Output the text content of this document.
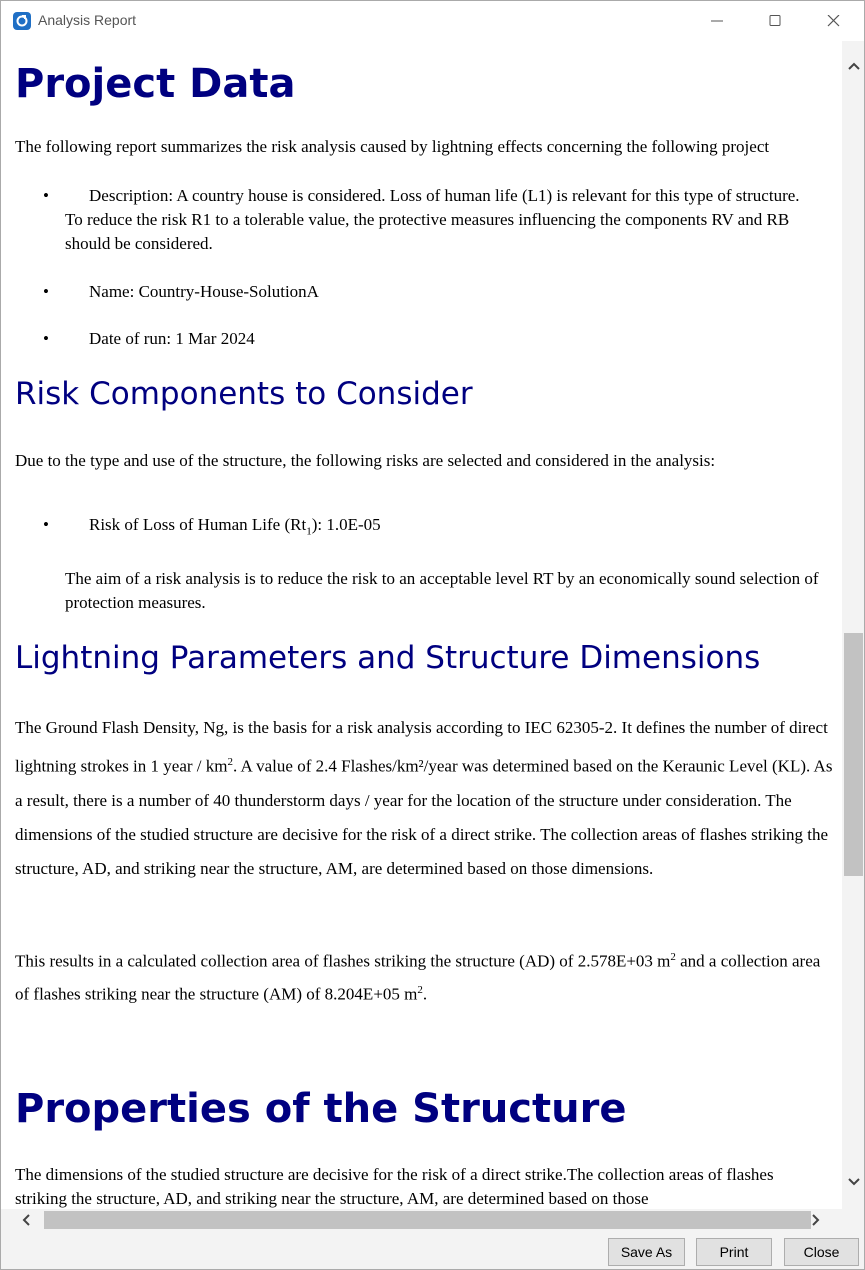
Analysis Report
Project Data

The following report summarizes the risk analysis caused by lightning effects concerning the following project

• Description: A country house is considered. Loss of human life (L1) is relevant for this type of structure. To reduce the risk R1 to a tolerable value, the protective measures influencing the components RV and RB should be considered.
• Name: Country-House-SolutionA
• Date of run: 1 Mar 2024
Risk Components to Consider

Due to the type and use of the structure, the following risks are selected and considered in the analysis:

• Risk of Loss of Human Life $(Rt_1)$: 1.0E-05

The aim of a risk analysis is to reduce the risk to an acceptable level RT by an economically sound selection of protection measures.

Lightning Parameters and Structure Dimensions

The Ground Flash Density, Ng, is the basis for a risk analysis according to IEC 62305-2. It defines the number of direct lightning strokes in 1 year / $km^2$. A value of 2.4 Flashes/km²/year was determined based on the Keraunic Level (KL). As a result, there is a number of 40 thunderstorm days / year for the location of the structure under consideration. The dimensions of the studied structure are decisive for the risk of a direct strike. The collection areas of flashes striking the structure, AD, and striking near the structure, AM, are determined based on those dimensions.

This results in a calculated collection area of flashes striking the structure (AD) of 2.578E+03 $m^2$ and a collection area of flashes striking near the structure (AM) of 8.204E+05 $m^2$.

Properties of the Structure

The dimensions of the studied structure are decisive for the risk of a direct strike.The collection areas of flashes striking the structure, AD, and striking near the structure, AM, are determined based on those

Save As	Print	Close
